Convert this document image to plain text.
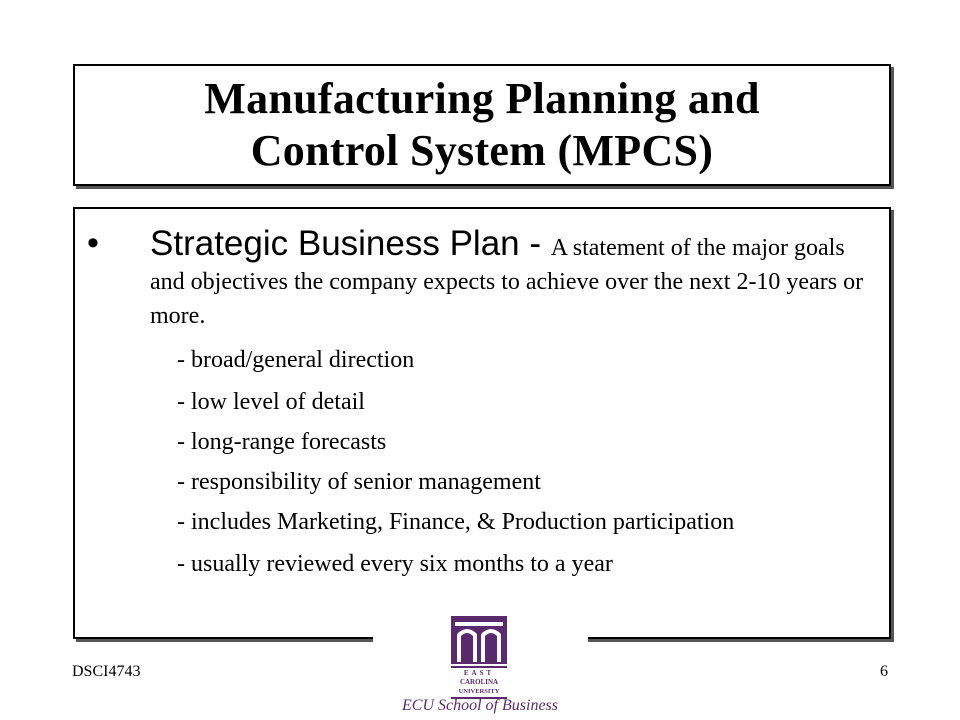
Manufacturing Planning and
Control System (MPCS)
• Strategic Business Plan - A statement of the major goals and objectives the company expects to achieve over the next 2-10 years or more.
- broad/general direction
- low level of detail
- long-range forecasts
- responsibility of senior management
- includes Marketing, Finance, & Production participation
- usually reviewed every six months to a year
EAST
CAROLINA
UNIVERSITY
DSCI4743	6
ECU School of Business
